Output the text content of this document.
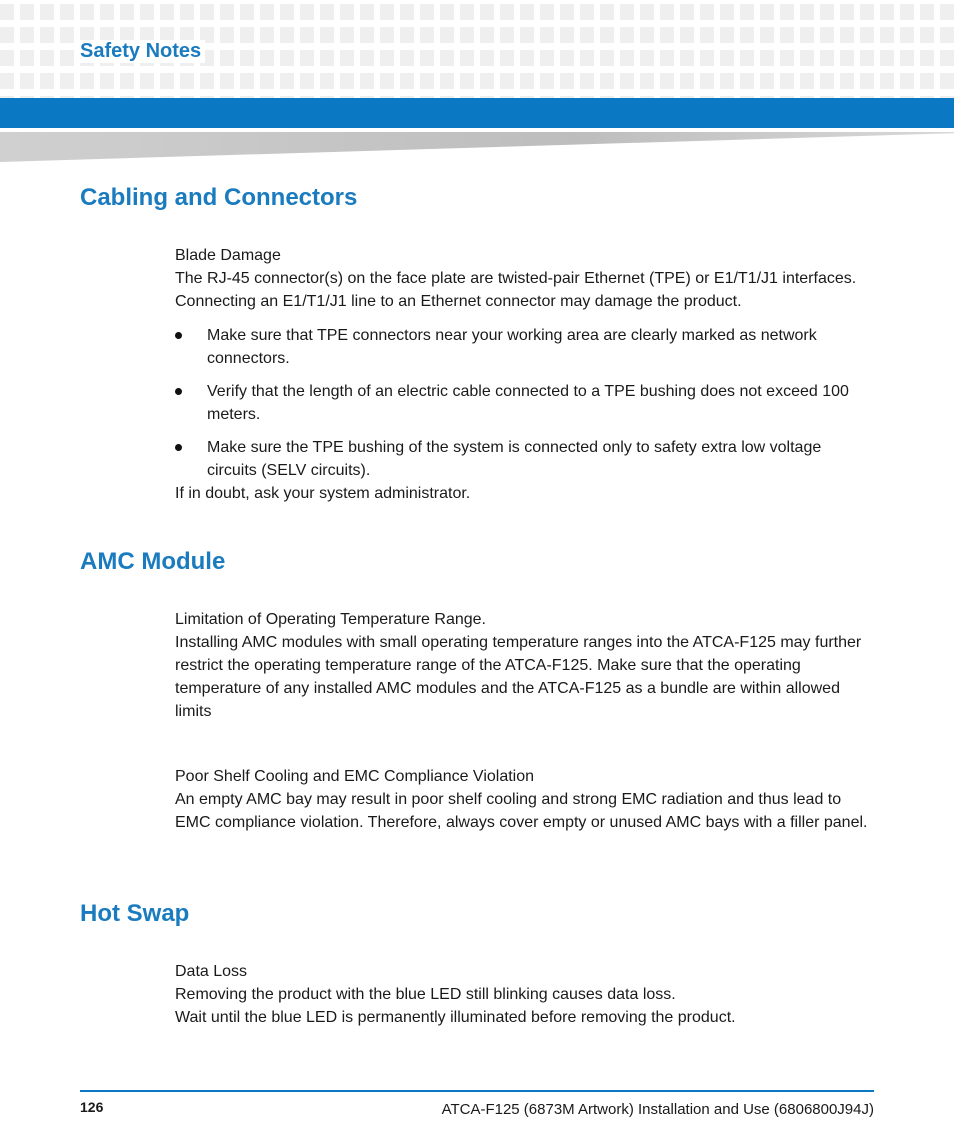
Safety Notes
Cabling and Connectors

Blade Damage

The RJ-45 connector(s) on the face plate are twisted-pair Ethernet (TPE) or E1/T1/J1 interfaces. Connecting an E1/T1/J1 line to an Ethernet connector may damage the product.

Make sure that TPE connectors near your working area are clearly marked as network connectors.
Verify that the length of an electric cable connected to a TPE bushing does not exceed 100 meters.
Make sure the TPE bushing of the system is connected only to safety extra low voltage circuits (SELV circuits).

If in doubt, ask your system administrator.

AMC Module

Limitation of Operating Temperature Range.

Installing AMC modules with small operating temperature ranges into the ATCA-F125 may further restrict the operating temperature range of the ATCA-F125. Make sure that the operating temperature of any installed AMC modules and the ATCA-F125 as a bundle are within allowed limits

Poor Shelf Cooling and EMC Compliance Violation

An empty AMC bay may result in poor shelf cooling and strong EMC radiation and thus lead to EMC compliance violation. Therefore, always cover empty or unused AMC bays with a filler panel.

Hot Swap

Data Loss

Removing the product with the blue LED still blinking causes data loss.

Wait until the blue LED is permanently illuminated before removing the product.

126	ATCA-F125 (6873M Artwork) Installation and Use (6806800J94J)
